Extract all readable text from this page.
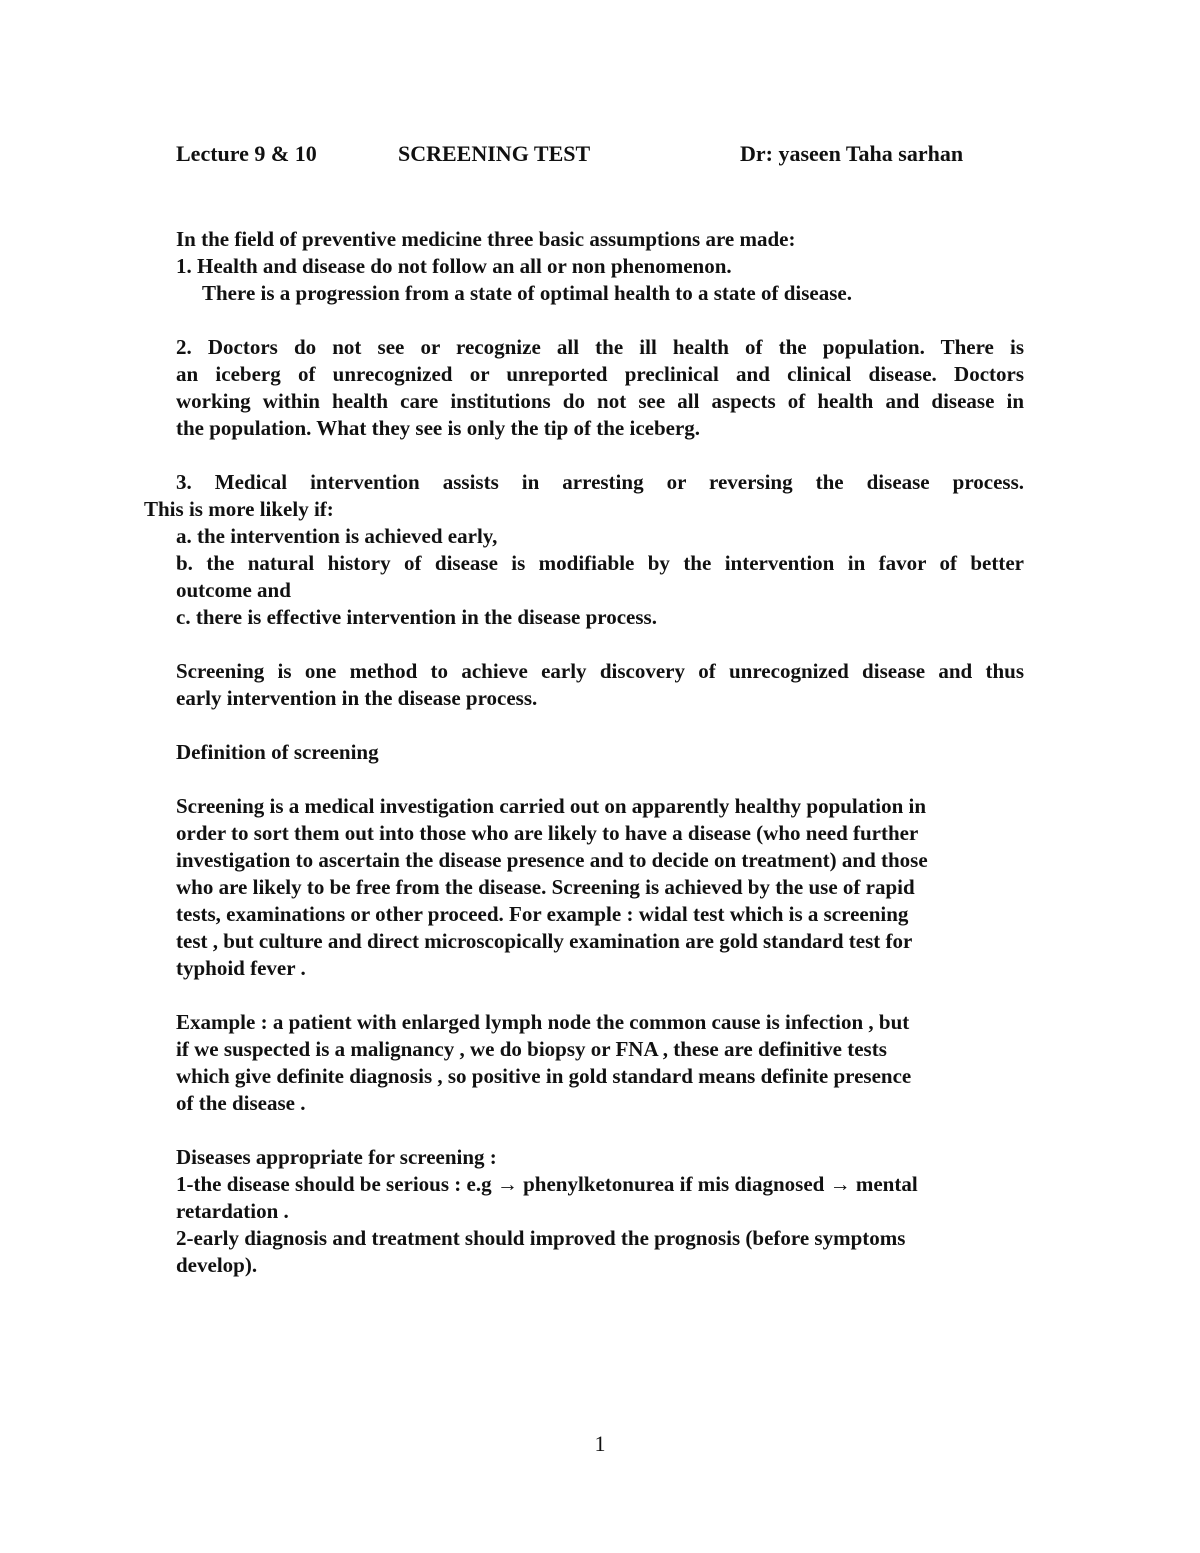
Lecture 9 & 10	SCREENING TEST	Dr: yaseen Taha sarhan
In the field of preventive medicine three basic assumptions are made:
1. Health and disease do not follow an all or non phenomenon.
There is a progression from a state of optimal health to a state of disease.
2. Doctors do not see or recognize all the ill health of the population. There is
an iceberg of unrecognized or unreported preclinical and clinical disease. Doctors
working within health care institutions do not see all aspects of health and disease in
the population. What they see is only the tip of the iceberg.
3. Medical intervention assists in arresting or reversing the disease process.
This is more likely if:
a. the intervention is achieved early,
b. the natural history of disease is modifiable by the intervention in favor of better
outcome and
c. there is effective intervention in the disease process.
Screening is one method to achieve early discovery of unrecognized disease and thus
early intervention in the disease process.
Definition of screening
Screening is a medical investigation carried out on apparently healthy population in
order to sort them out into those who are likely to have a disease (who need further
investigation to ascertain the disease presence and to decide on treatment) and those
who are likely to be free from the disease. Screening is achieved by the use of rapid
tests, examinations or other proceed. For example : widal test which is a screening
test , but culture and direct microscopically examination are gold standard test for
typhoid fever .
Example : a patient with enlarged lymph node the common cause is infection , but
if we suspected is a malignancy , we do biopsy or FNA , these are definitive tests
which give definite diagnosis , so positive in gold standard means definite presence
of the disease .
Diseases appropriate for screening :
1-the disease should be serious : e.g → phenylketonurea if mis diagnosed → mental
retardation .
2-early diagnosis and treatment should improved the prognosis (before symptoms
develop).
1
